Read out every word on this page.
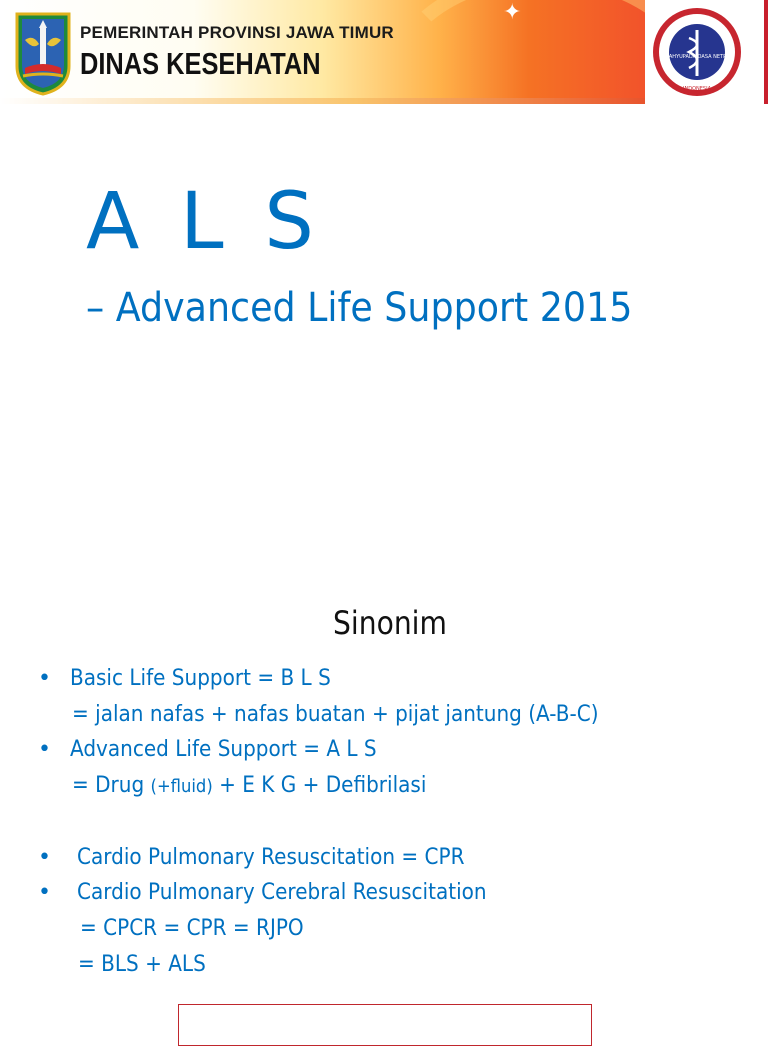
✦
PEMERINTAH PROVINSI JAWA TIMUR
DINAS KESEHATAN	WAHYUPADA DASA NETRA
INDONESIA
A L S
– Advanced Life Support 2015
Sinonim
• Basic Life Support = B L S
= jalan nafas + nafas buatan + pijat jantung (A-B-C)
• Advanced Life Support = A L S
= Drug (+fluid) + E K G + Defibrilasi
• Cardio Pulmonary Resuscitation = CPR
• Cardio Pulmonary Cerebral Resuscitation
= CPCR = CPR = RJPO
= BLS + ALS
